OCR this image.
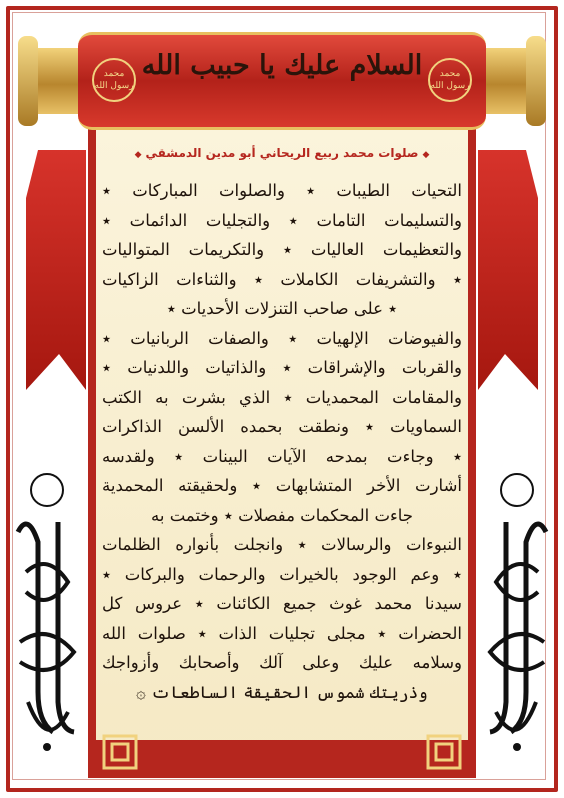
محمد رسول الله
محمد رسول الله
السلام عليك يا حبيب الله
◆صلوات محمد ربيع الريحاني أبو مدين الدمشقي◆
التحيات الطيبات ٭ والصلوات المباركات ٭
والتسليمات التامات ٭ والتجليات الدائمات ٭
والتعظيمات العاليات ٭ والتكريمات المتواليات
٭ والتشريفات الكاملات ٭ والثناءات الزاكيات
٭ على صاحب التنزلات الأحديات ٭
والفيوضات الإلهيات ٭ والصفات الربانيات ٭
والقربات والإشراقات ٭ والذاتيات واللدنيات ٭
والمقامات المحمديات ٭ الذي بشرت به الكتب
السماويات ٭ ونطقت بحمده الألسن الذاكرات
٭ وجاءت بمدحه الآيات البينات ٭ ولقدسه
أشارت الأخر المتشابهات ٭ ولحقيقته المحمدية
جاءت المحكمات مفصلات ٭ وختمت به
النبوءات والرسالات ٭ وانجلت بأنواره الظلمات
٭ وعم الوجود بالخيرات والرحمات والبركات ٭
سيدنا محمد غوث جميع الكائنات ٭ عروس كل
الحضرات ٭ مجلى تجليات الذات ٭ صلوات الله
وسلامه عليك وعلى آلك وأصحابك وأزواجك
وذريتك شموس الحقيقة الساطعات ۞
